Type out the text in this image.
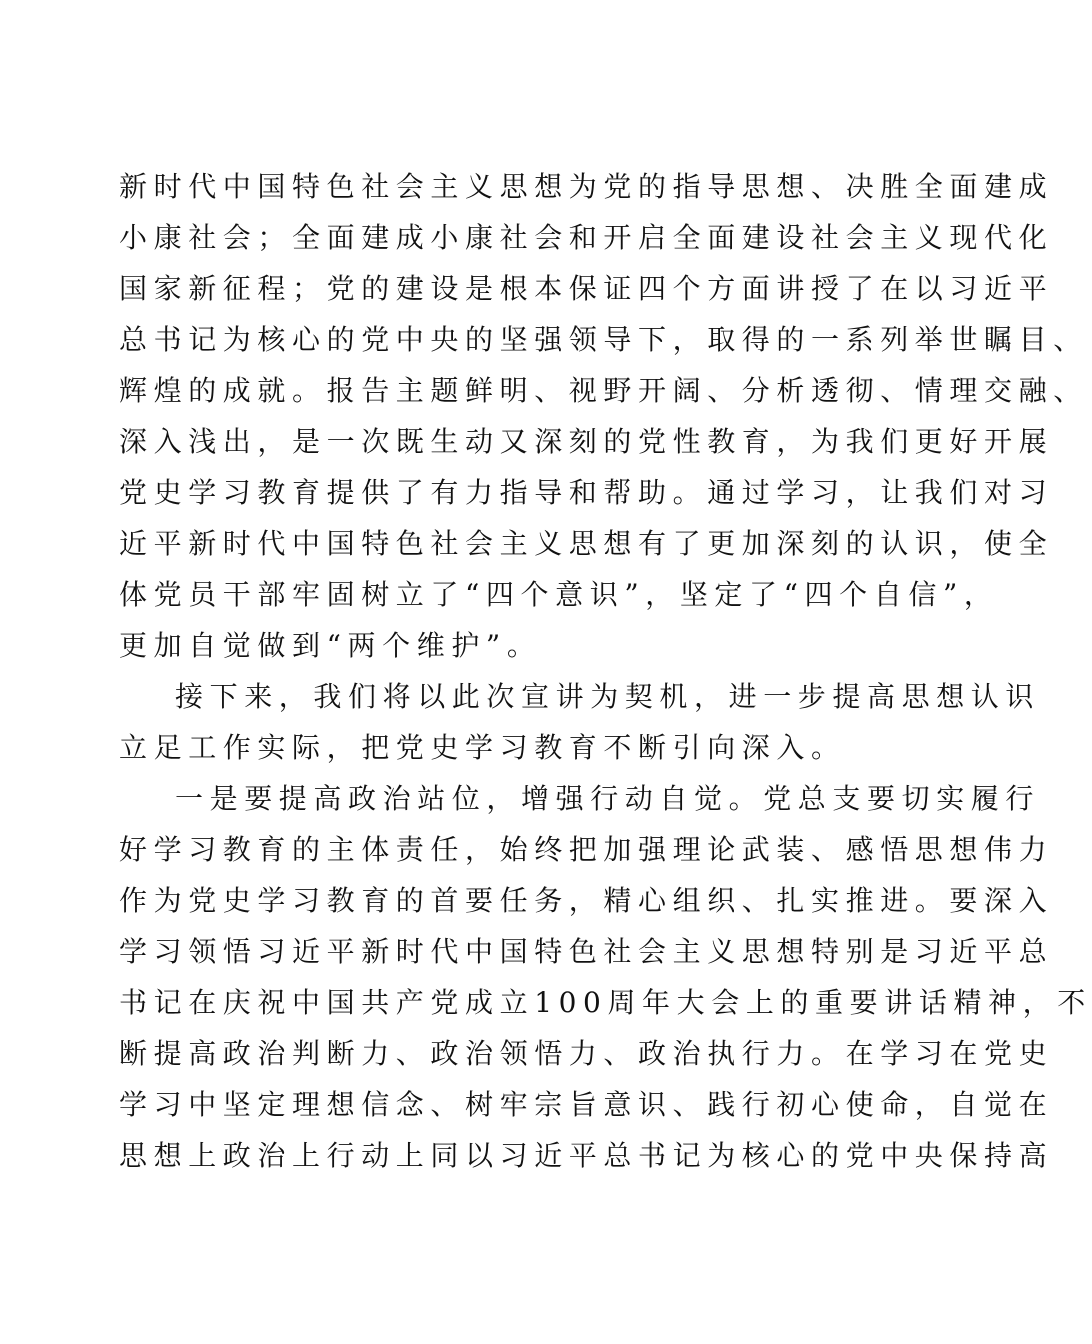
新时代中国特色社会主义思想为党的指导思想、决胜全面建成
小康社会；全面建成小康社会和开启全面建设社会主义现代化
国家新征程；党的建设是根本保证四个方面讲授了在以习近平
总书记为核心的党中央的坚强领导下，取得的一系列举世瞩目、
辉煌的成就。报告主题鲜明、视野开阔、分析透彻、情理交融、
深入浅出，是一次既生动又深刻的党性教育，为我们更好开展
党史学习教育提供了有力指导和帮助。通过学习，让我们对习
近平新时代中国特色社会主义思想有了更加深刻的认识，使全
体党员干部牢固树立了“四个意识”，坚定了“四个自信”，
更加自觉做到“两个维护”。
接下来，我们将以此次宣讲为契机，进一步提高思想认识
立足工作实际，把党史学习教育不断引向深入。
一是要提高政治站位，增强行动自觉。党总支要切实履行
好学习教育的主体责任，始终把加强理论武装、感悟思想伟力
作为党史学习教育的首要任务，精心组织、扎实推进。要深入
学习领悟习近平新时代中国特色社会主义思想特别是习近平总
书记在庆祝中国共产党成立100周年大会上的重要讲话精神，不
断提高政治判断力、政治领悟力、政治执行力。在学习在党史
学习中坚定理想信念、树牢宗旨意识、践行初心使命，自觉在
思想上政治上行动上同以习近平总书记为核心的党中央保持高
